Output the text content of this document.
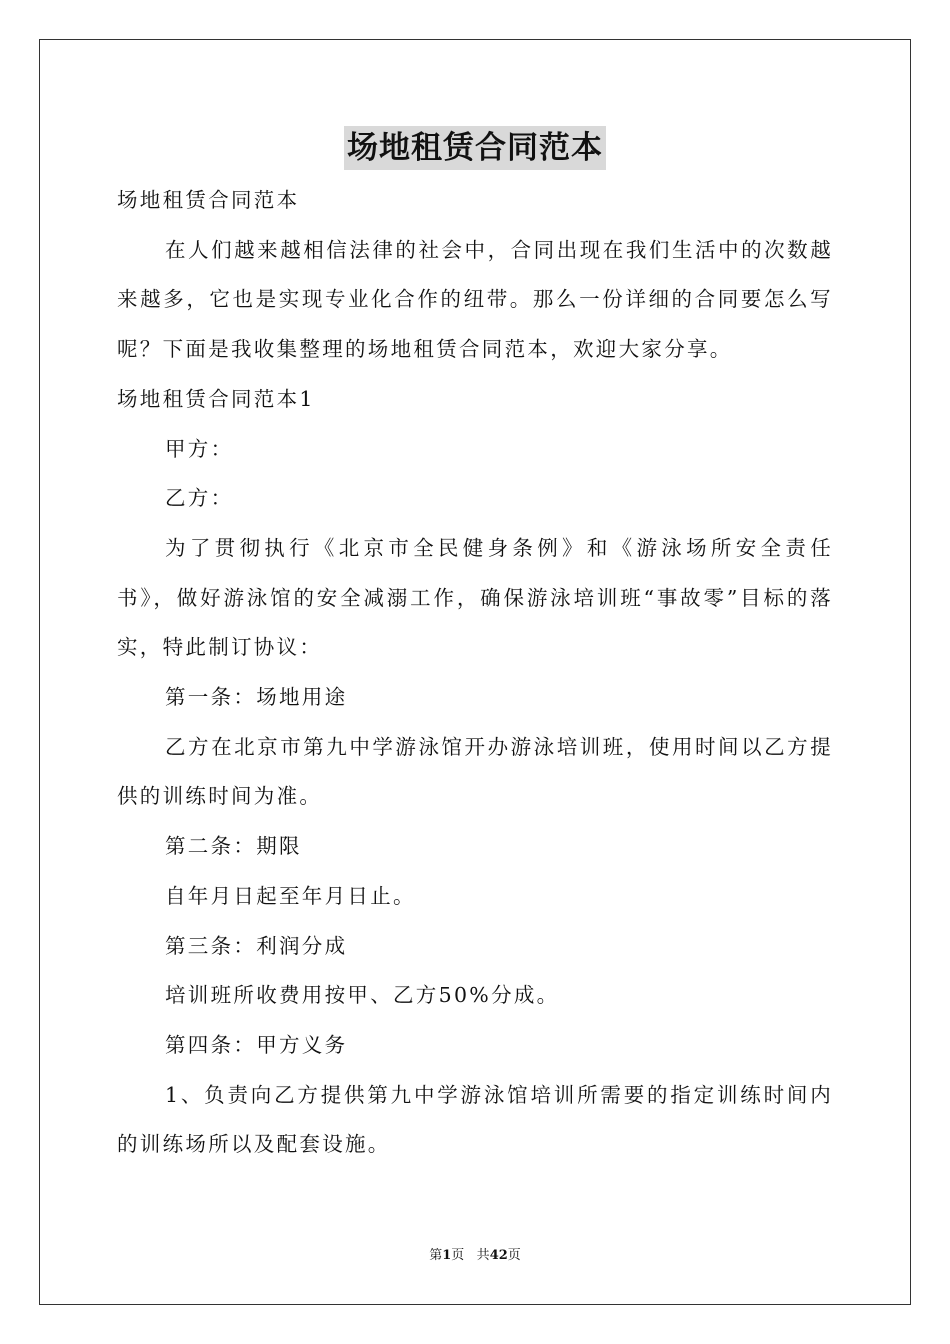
场地租赁合同范本

场地租赁合同范本

在人们越来越相信法律的社会中，合同出现在我们生活中的次数越来越多，它也是实现专业化合作的纽带。那么一份详细的合同要怎么写呢？下面是我收集整理的场地租赁合同范本，欢迎大家分享。

场地租赁合同范本1

甲方：

乙方：

为了贯彻执行《北京市全民健身条例》和《游泳场所安全责任书》，做好游泳馆的安全减溺工作，确保游泳培训班“事故零”目标的落实，特此制订协议：

第一条：场地用途

乙方在北京市第九中学游泳馆开办游泳培训班，使用时间以乙方提供的训练时间为准。

第二条：期限

自年月日起至年月日止。

第三条：利润分成

培训班所收费用按甲、乙方50%分成。

第四条：甲方义务

1、负责向乙方提供第九中学游泳馆培训所需要的指定训练时间内的训练场所以及配套设施。

第1页 共42页
